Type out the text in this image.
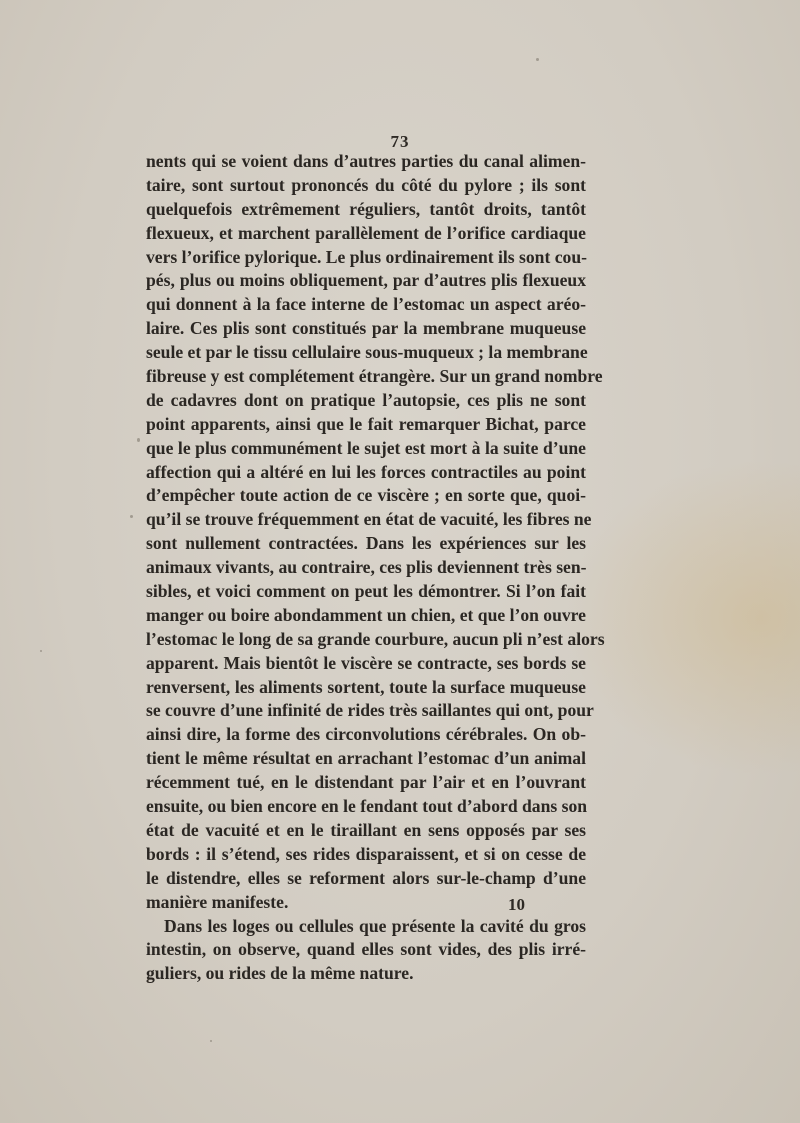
73
nents qui se voient dans d’autres parties du canal alimen-
taire, sont surtout prononcés du côté du pylore ; ils sont
quelquefois extrêmement réguliers, tantôt droits, tantôt
flexueux, et marchent parallèlement de l’orifice cardiaque
vers l’orifice pylorique. Le plus ordinairement ils sont cou-
pés, plus ou moins obliquement, par d’autres plis flexueux
qui donnent à la face interne de l’estomac un aspect aréo-
laire. Ces plis sont constitués par la membrane muqueuse
seule et par le tissu cellulaire sous-muqueux ; la membrane
fibreuse y est complétement étrangère. Sur un grand nombre
de cadavres dont on pratique l’autopsie, ces plis ne sont
point apparents, ainsi que le fait remarquer Bichat, parce
que le plus communément le sujet est mort à la suite d’une
affection qui a altéré en lui les forces contractiles au point
d’empêcher toute action de ce viscère ; en sorte que, quoi-
qu’il se trouve fréquemment en état de vacuité, les fibres ne
sont nullement contractées. Dans les expériences sur les
animaux vivants, au contraire, ces plis deviennent très sen-
sibles, et voici comment on peut les démontrer. Si l’on fait
manger ou boire abondamment un chien, et que l’on ouvre
l’estomac le long de sa grande courbure, aucun pli n’est alors
apparent. Mais bientôt le viscère se contracte, ses bords se
renversent, les aliments sortent, toute la surface muqueuse
se couvre d’une infinité de rides très saillantes qui ont, pour
ainsi dire, la forme des circonvolutions cérébrales. On ob-
tient le même résultat en arrachant l’estomac d’un animal
récemment tué, en le distendant par l’air et en l’ouvrant
ensuite, ou bien encore en le fendant tout d’abord dans son
état de vacuité et en le tiraillant en sens opposés par ses
bords : il s’étend, ses rides disparaissent, et si on cesse de
le distendre, elles se reforment alors sur-le-champ d’une
manière manifeste.
Dans les loges ou cellules que présente la cavité du gros
intestin, on observe, quand elles sont vides, des plis irré-
guliers, ou rides de la même nature.
10
